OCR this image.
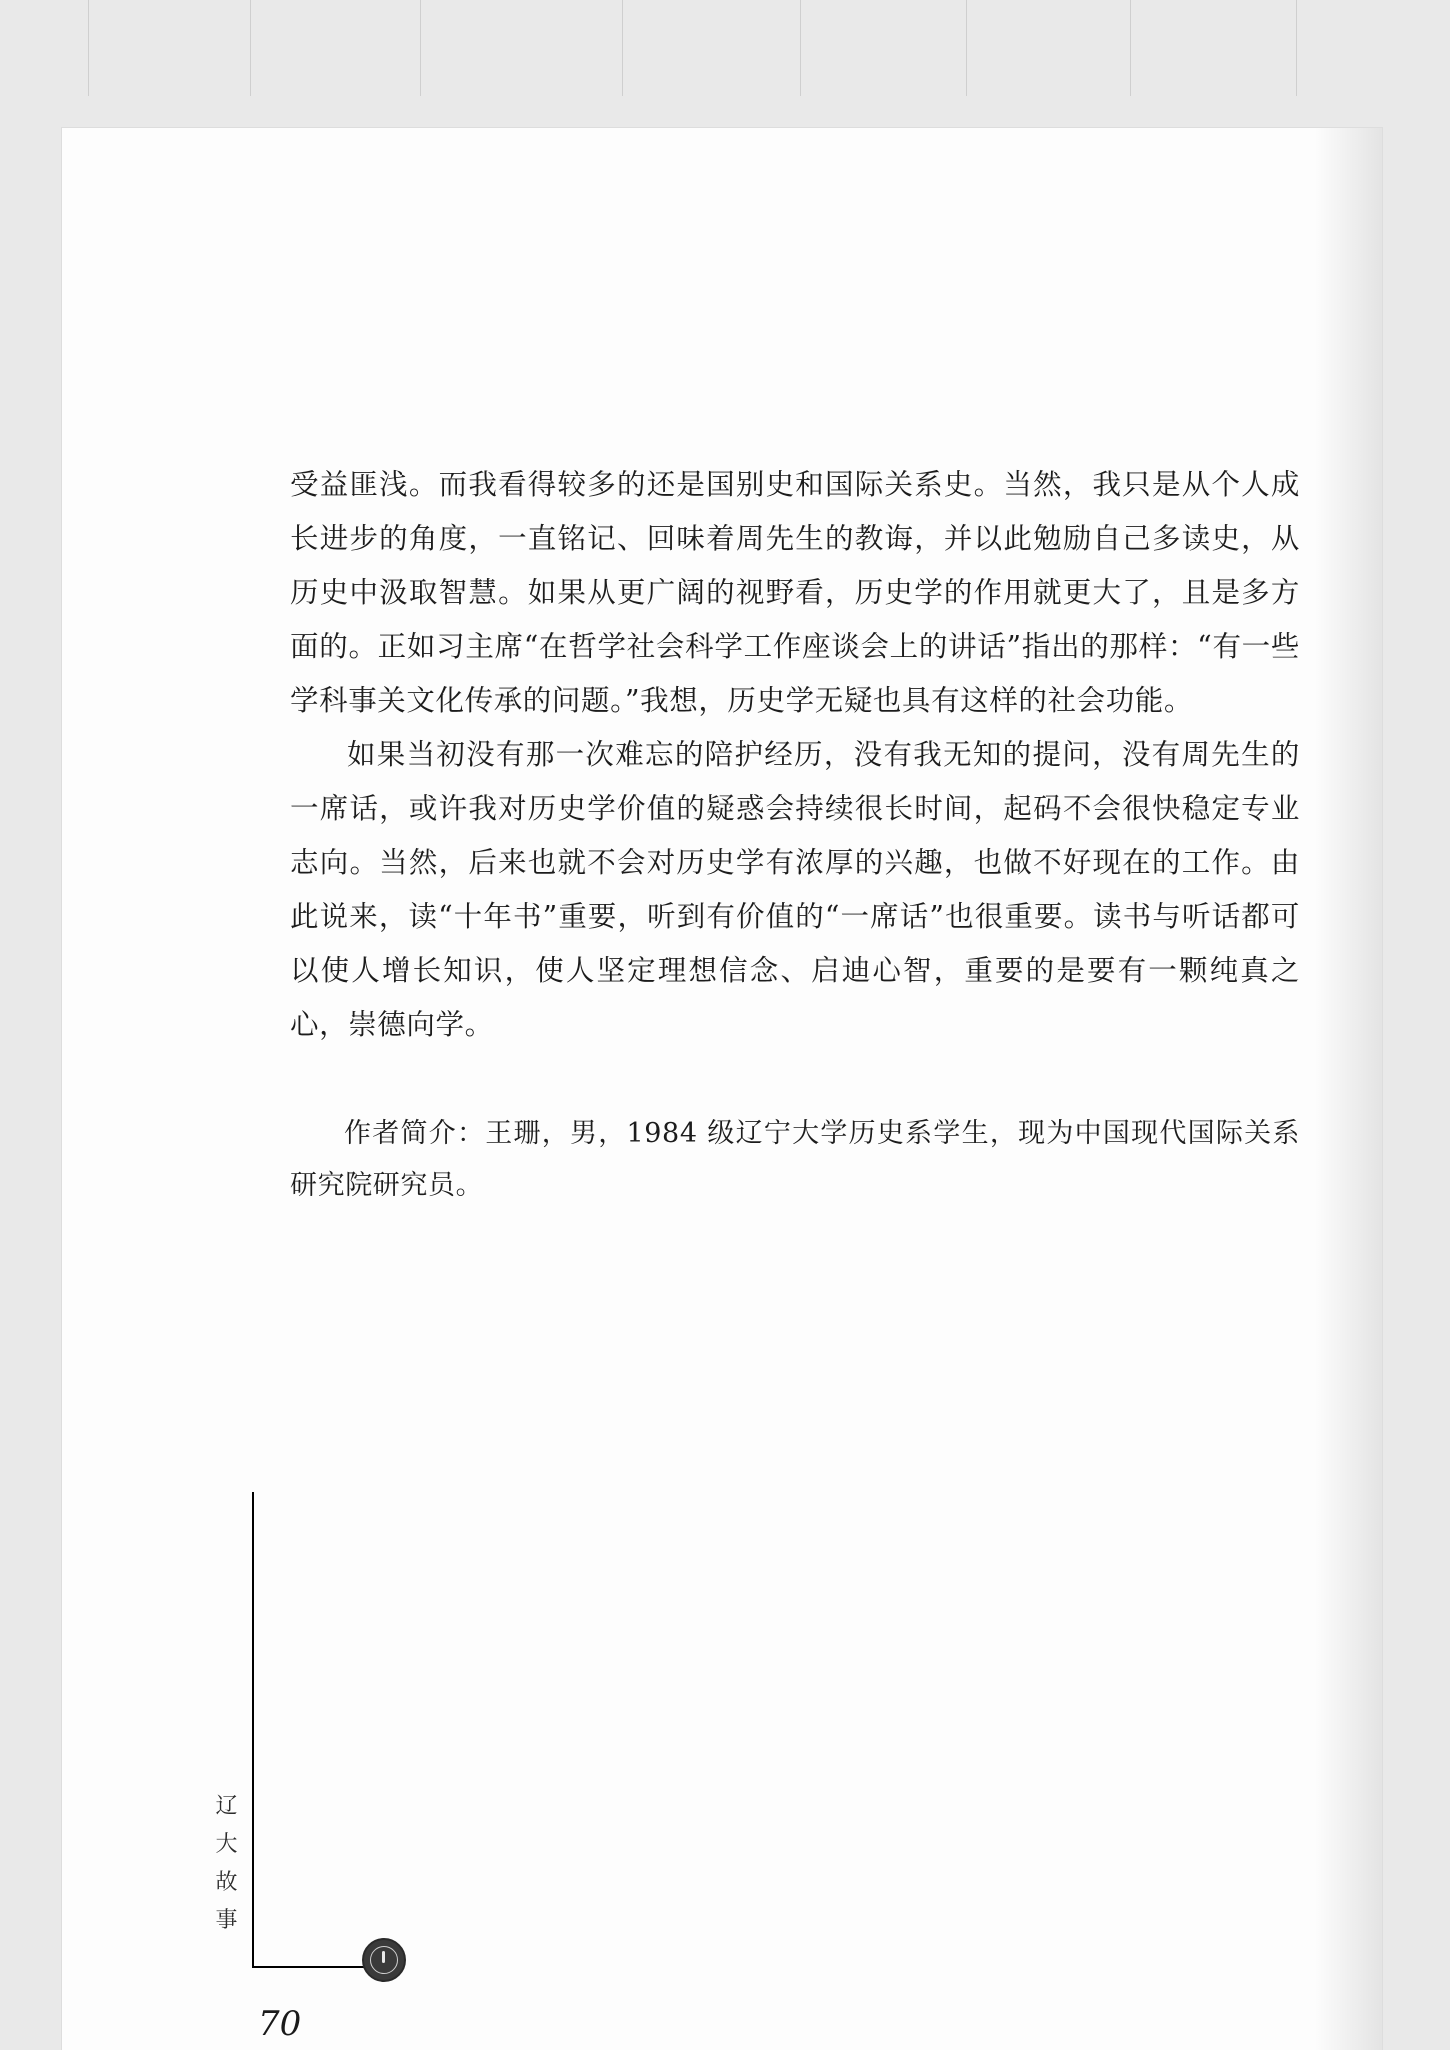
受益匪浅。而我看得较多的还是国别史和国际关系史。当然，我只是从个人成长进步的角度，一直铭记、回味着周先生的教诲，并以此勉励自己多读史，从历史中汲取智慧。如果从更广阔的视野看，历史学的作用就更大了，且是多方面的。正如习主席“在哲学社会科学工作座谈会上的讲话”指出的那样：“有一些学科事关文化传承的问题。”我想，历史学无疑也具有这样的社会功能。

如果当初没有那一次难忘的陪护经历，没有我无知的提问，没有周先生的一席话，或许我对历史学价值的疑惑会持续很长时间，起码不会很快稳定专业志向。当然，后来也就不会对历史学有浓厚的兴趣，也做不好现在的工作。由此说来，读“十年书”重要，听到有价值的“一席话”也很重要。读书与听话都可以使人增长知识，使人坚定理想信念、启迪心智，重要的是要有一颗纯真之心，崇德向学。

作者简介：王珊，男，1984 级辽宁大学历史系学生，现为中国现代国际关系研究院研究员。

辽
大
故
事
70
